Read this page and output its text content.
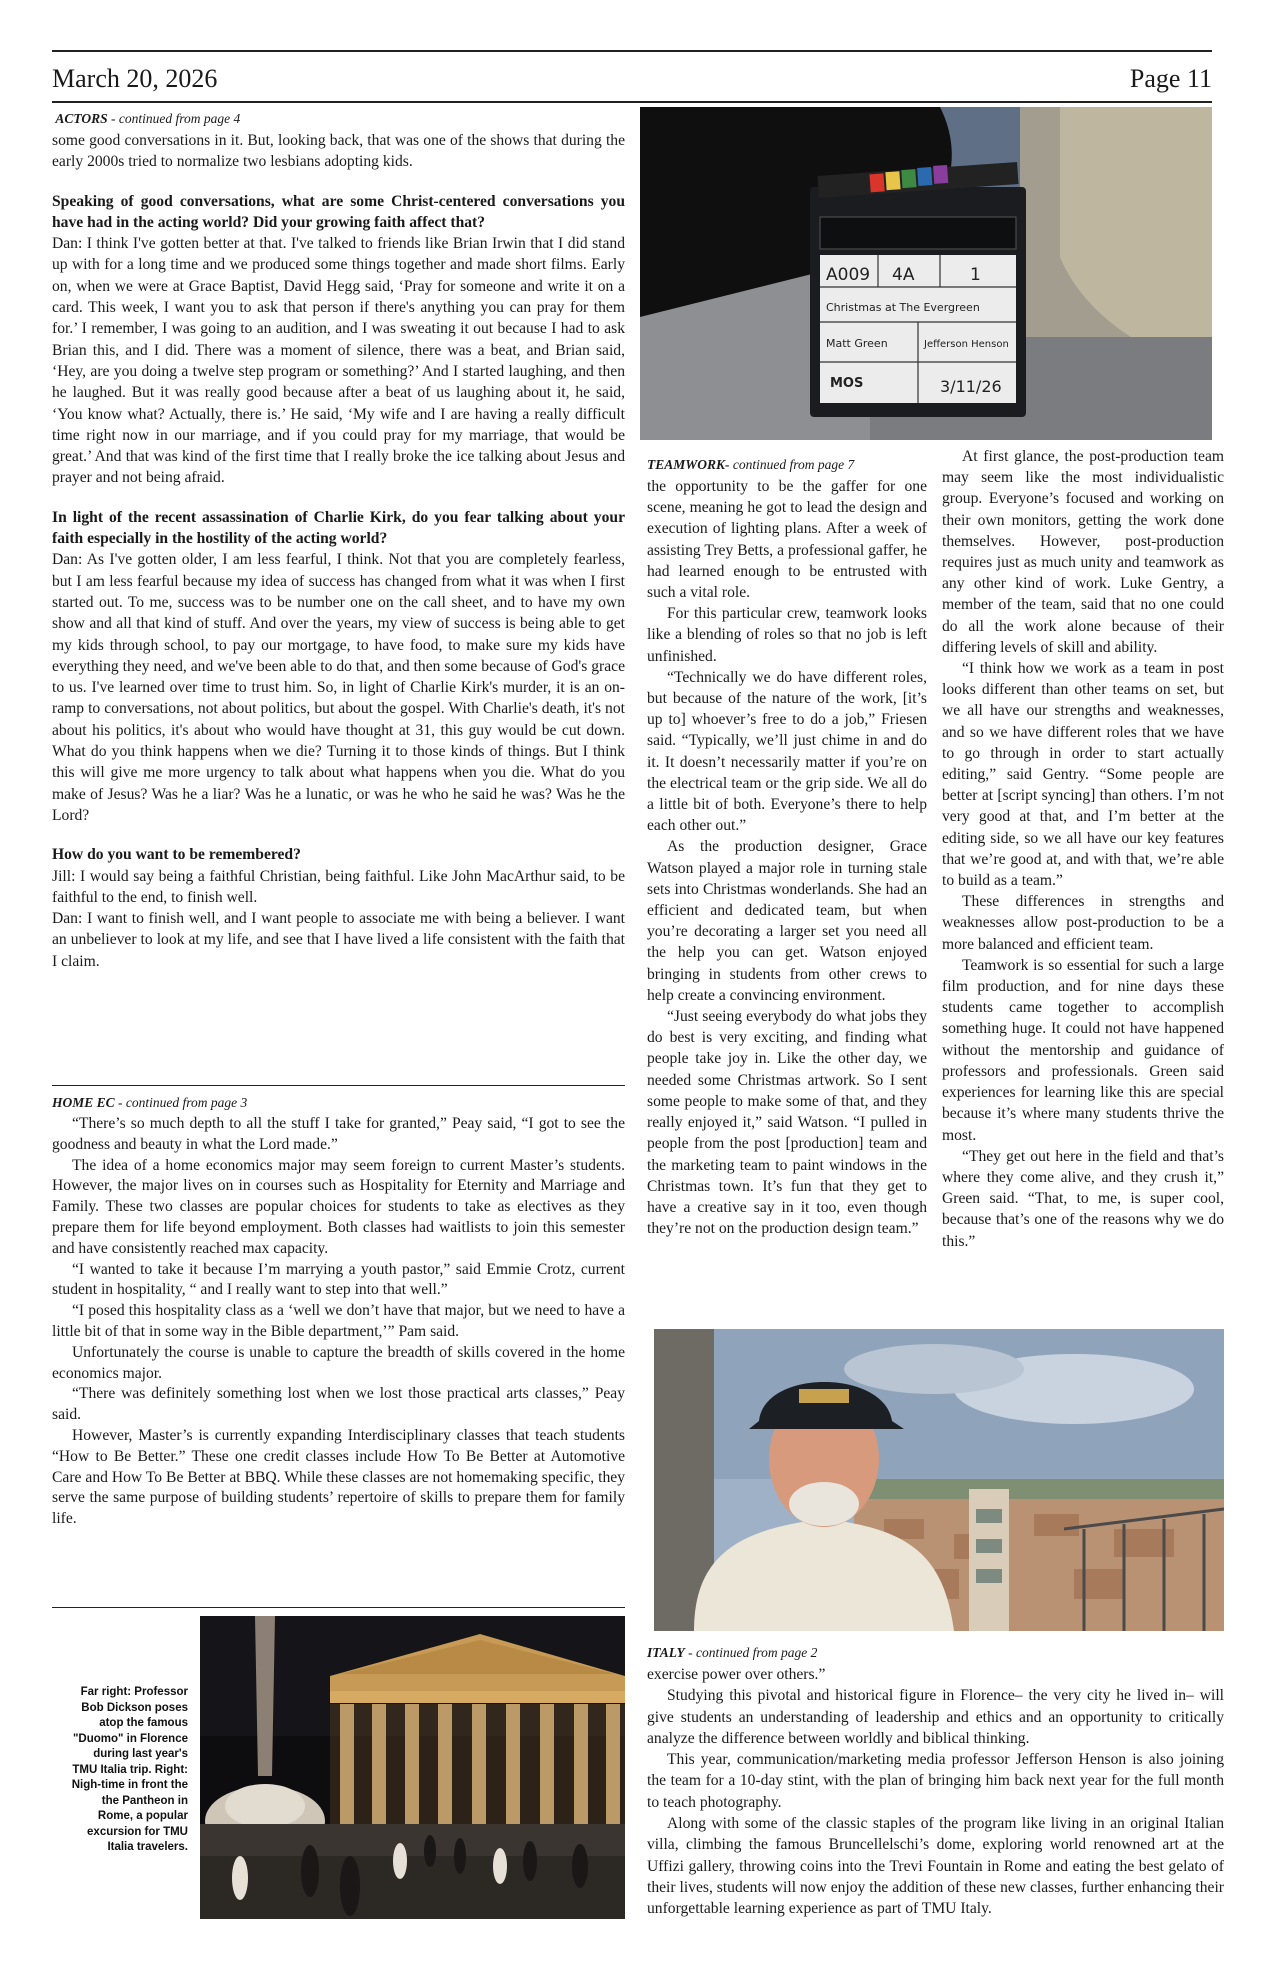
March 20, 2026	Page 11
ACTORS - continued from page 4

some good conversations in it. But, looking back, that was one of the shows that during the early 2000s tried to normalize two lesbians adopting kids.

Speaking of good conversations, what are some Christ-centered conversations you have had in the acting world? Did your growing faith affect that?

Dan: I think I've gotten better at that. I've talked to friends like Brian Irwin that I did stand up with for a long time and we produced some things together and made short films. Early on, when we were at Grace Baptist, David Hegg said, ‘Pray for someone and write it on a card. This week, I want you to ask that person if there's anything you can pray for them for.’ I remember, I was going to an audition, and I was sweating it out because I had to ask Brian this, and I did. There was a moment of silence, there was a beat, and Brian said, ‘Hey, are you doing a twelve step program or something?’ And I started laughing, and then he laughed. But it was really good because after a beat of us laughing about it, he said, ‘You know what? Actually, there is.’ He said, ‘My wife and I are having a really difficult time right now in our marriage, and if you could pray for my marriage, that would be great.’ And that was kind of the first time that I really broke the ice talking about Jesus and prayer and not being afraid.

In light of the recent assassination of Charlie Kirk, do you fear talking about your faith especially in the hostility of the acting world?

Dan: As I've gotten older, I am less fearful, I think. Not that you are completely fearless, but I am less fearful because my idea of success has changed from what it was when I first started out. To me, success was to be number one on the call sheet, and to have my own show and all that kind of stuff. And over the years, my view of success is being able to get my kids through school, to pay our mortgage, to have food, to make sure my kids have everything they need, and we've been able to do that, and then some because of God's grace to us. I've learned over time to trust him. So, in light of Charlie Kirk's murder, it is an on-ramp to conversations, not about politics, but about the gospel. With Charlie's death, it's not about his politics, it's about who would have thought at 31, this guy would be cut down. What do you think happens when we die? Turning it to those kinds of things. But I think this will give me more urgency to talk about what happens when you die. What do you make of Jesus? Was he a liar? Was he a lunatic, or was he who he said he was? Was he the Lord?

How do you want to be remembered?

Jill: I would say being a faithful Christian, being faithful. Like John MacArthur said, to be faithful to the end, to finish well.

Dan: I want to finish well, and I want people to associate me with being a believer. I want an unbeliever to look at my life, and see that I have lived a life consistent with the faith that I claim.

HOME EC - continued from page 3

“There’s so much depth to all the stuff I take for granted,” Peay said, “I got to see the goodness and beauty in what the Lord made.”

The idea of a home economics major may seem foreign to current Master’s students. However, the major lives on in courses such as Hospitality for Eternity and Marriage and Family. These two classes are popular choices for students to take as electives as they prepare them for life beyond employment. Both classes had waitlists to join this semester and have consistently reached max capacity.

“I wanted to take it because I’m marrying a youth pastor,” said Emmie Crotz, current student in hospitality, “ and I really want to step into that well.”

“I posed this hospitality class as a ‘well we don’t have that major, but we need to have a little bit of that in some way in the Bible department,’” Pam said.

Unfortunately the course is unable to capture the breadth of skills covered in the home economics major.

“There was definitely something lost when we lost those practical arts classes,” Peay said.

However, Master’s is currently expanding Interdisciplinary classes that teach students “How to Be Better.” These one credit classes include How To Be Better at Automotive Care and How To Be Better at BBQ. While these classes are not homemaking specific, they serve the same purpose of building students’ repertoire of skills to prepare them for family life.

Far right: Professor Bob Dickson poses atop the famous "Duomo" in Florence during last year's TMU Italia trip. Right: Nigh-time in front the the Pantheon in Rome, a popular excursion for TMU Italia travelers.
A009 4A	1
Christmas at The Evergreen
Matt Green	Jefferson Henson
MOS	3/11/26
TEAMWORK- continued from page 7

the opportunity to be the gaffer for one scene, meaning he got to lead the design and execution of lighting plans. After a week of assisting Trey Betts, a professional gaffer, he had learned enough to be entrusted with such a vital role.

For this particular crew, teamwork looks like a blending of roles so that no job is left unfinished.

“Technically we do have different roles, but because of the nature of the work, [it’s up to] whoever’s free to do a job,” Friesen said. “Typically, we’ll just chime in and do it. It doesn’t necessarily matter if you’re on the electrical team or the grip side. We all do a little bit of both. Everyone’s there to help each other out.”

As the production designer, Grace Watson played a major role in turning stale sets into Christmas wonderlands. She had an efficient and dedicated team, but when you’re decorating a larger set you need all the help you can get. Watson enjoyed bringing in students from other crews to help create a convincing environment.

“Just seeing everybody do what jobs they do best is very exciting, and finding what people take joy in. Like the other day, we needed some Christmas artwork. So I sent some people to make some of that, and they really enjoyed it,” said Watson. “I pulled in people from the post [production] team and the marketing team to paint windows in the Christmas town. It’s fun that they get to have a creative say in it too, even though they’re not on the production design team.”

At first glance, the post-production team may seem like the most individualistic group. Everyone’s focused and working on their own monitors, getting the work done themselves. However, post-production requires just as much unity and teamwork as any other kind of work. Luke Gentry, a member of the team, said that no one could do all the work alone because of their differing levels of skill and ability.

“I think how we work as a team in post looks different than other teams on set, but we all have our strengths and weaknesses, and so we have different roles that we have to go through in order to start actually editing,” said Gentry. “Some people are better at [script syncing] than others. I’m not very good at that, and I’m better at the editing side, so we all have our key features that we’re good at, and with that, we’re able to build as a team.”

These differences in strengths and weaknesses allow post-production to be a more balanced and efficient team.

Teamwork is so essential for such a large film production, and for nine days these students came together to accomplish something huge. It could not have happened without the mentorship and guidance of professors and professionals. Green said experiences for learning like this are special because it’s where many students thrive the most.

“They get out here in the field and that’s where they come alive, and they crush it,” Green said. “That, to me, is super cool, because that’s one of the reasons why we do this.”

ITALY - continued from page 2

exercise power over others.”

Studying this pivotal and historical figure in Florence– the very city he lived in– will give students an understanding of leadership and ethics and an opportunity to critically analyze the difference between worldly and biblical thinking.

This year, communication/marketing media professor Jefferson Henson is also joining the team for a 10-day stint, with the plan of bringing him back next year for the full month to teach photography.

Along with some of the classic staples of the program like living in an original Italian villa, climbing the famous Bruncellelschi’s dome, exploring world renowned art at the Uffizi gallery, throwing coins into the Trevi Fountain in Rome and eating the best gelato of their lives, students will now enjoy the addition of these new classes, further enhancing their unforgettable learning experience as part of TMU Italy.
